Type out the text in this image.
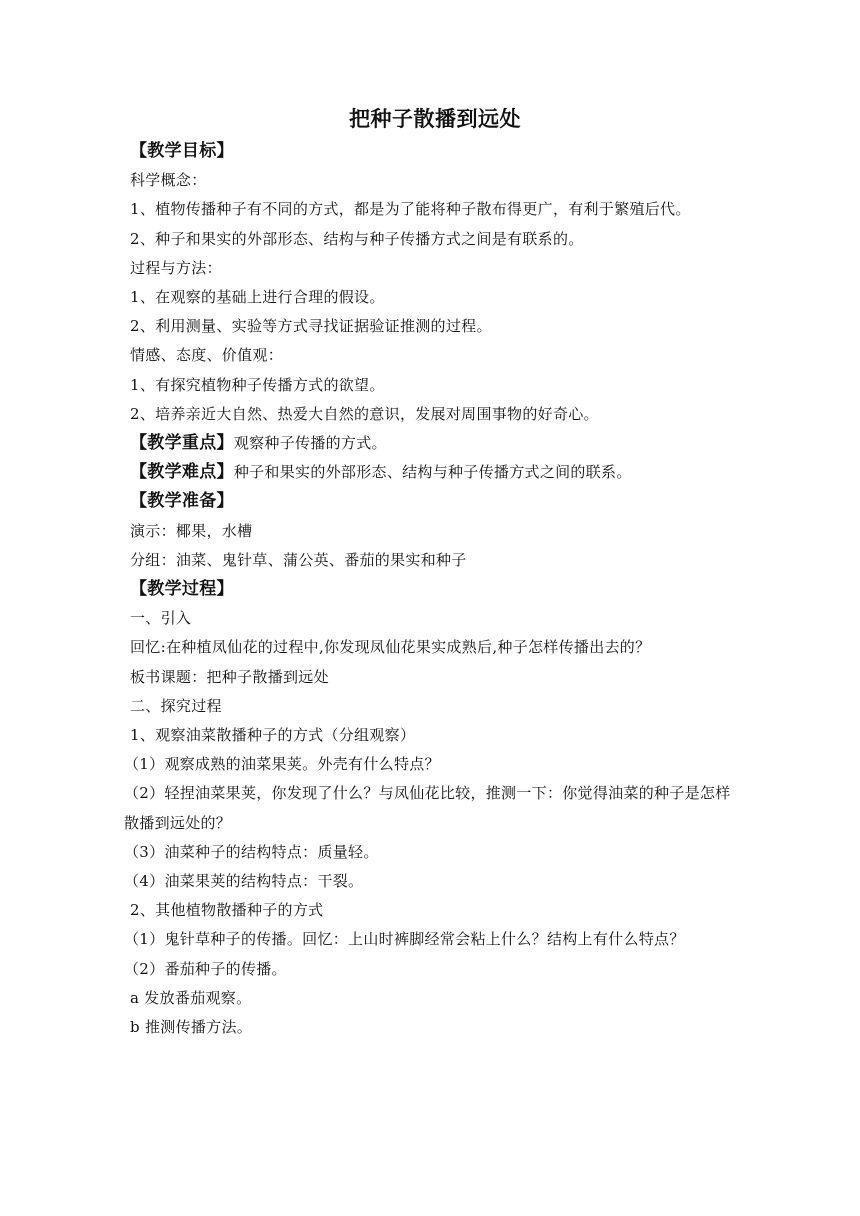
把种子散播到远处
【教学目标】
科学概念：
1、植物传播种子有不同的方式，都是为了能将种子散布得更广，有利于繁殖后代。
2、种子和果实的外部形态、结构与种子传播方式之间是有联系的。
过程与方法：
1、在观察的基础上进行合理的假设。
2、利用测量、实验等方式寻找证据验证推测的过程。
情感、态度、价值观：
1、有探究植物种子传播方式的欲望。
2、培养亲近大自然、热爱大自然的意识，发展对周围事物的好奇心。
【教学重点】观察种子传播的方式。
【教学难点】种子和果实的外部形态、结构与种子传播方式之间的联系。
【教学准备】
演示：椰果，水槽
分组：油菜、鬼针草、蒲公英、番茄的果实和种子
【教学过程】
一、引入
回忆:在种植凤仙花的过程中,你发现凤仙花果实成熟后,种子怎样传播出去的？
板书课题：把种子散播到远处
二、探究过程
1、观察油菜散播种子的方式（分组观察）
（1）观察成熟的油菜果荚。外壳有什么特点？
（2）轻捏油菜果荚，你发现了什么？与凤仙花比较，推测一下：你觉得油菜的种子是怎样散播到远处的？
（3）油菜种子的结构特点：质量轻。
（4）油菜果荚的结构特点：干裂。
2、其他植物散播种子的方式
（1）鬼针草种子的传播。回忆：上山时裤脚经常会粘上什么？结构上有什么特点？
（2）番茄种子的传播。
a 发放番茄观察。
b 推测传播方法。
